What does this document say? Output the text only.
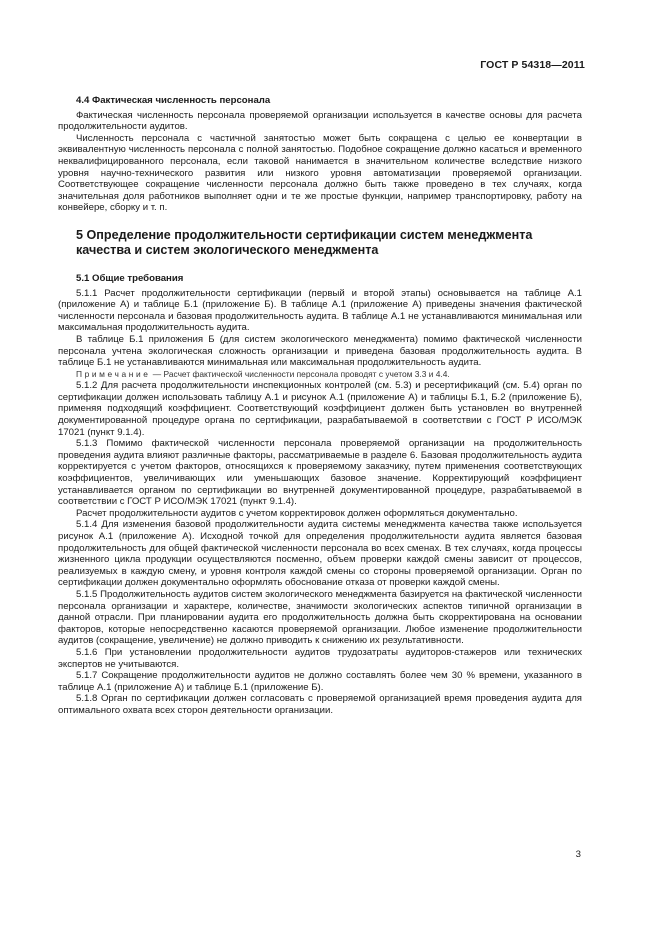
ГОСТ Р 54318—2011
4.4 Фактическая численность персонала

Фактическая численность персонала проверяемой организации используется в качестве основы для расчета продолжительности аудитов.

Численность персонала с частичной занятостью может быть сокращена с целью ее конвертации в эквивалентную численность персонала с полной занятостью. Подобное сокращение должно касаться и временного неквалифицированного персонала, если таковой нанимается в значительном количестве вследствие низкого уровня научно-технического развития или низкого уровня автоматизации проверяемой организации. Соответствующее сокращение численности персонала должно быть также проведено в тех случаях, когда значительная доля работников выполняет одни и те же простые функции, например транспортировку, работу на конвейере, сборку и т. п.

5 Определение продолжительности сертификации систем менеджмента качества и систем экологического менеджмента
5.1 Общие требования

5.1.1 Расчет продолжительности сертификации (первый и второй этапы) основывается на таблице А.1 (приложение А) и таблице Б.1 (приложение Б). В таблице А.1 (приложение А) приведены значения фактической численности персонала и базовая продолжительность аудита. В таблице А.1 не устанавливаются минимальная или максимальная продолжительность аудита.

В таблице Б.1 приложения Б (для систем экологического менеджмента) помимо фактической численности персонала учтена экологическая сложность организации и приведена базовая продолжительность аудита. В таблице Б.1 не устанавливаются минимальная или максимальная продолжительность аудита.

Примечание — Расчет фактической численности персонала проводят с учетом 3.3 и 4.4.

5.1.2 Для расчета продолжительности инспекционных контролей (см. 5.3) и ресертификаций (см. 5.4) орган по сертификации должен использовать таблицу А.1 и рисунок А.1 (приложение А) и таблицы Б.1, Б.2 (приложение Б), применяя подходящий коэффициент. Соответствующий коэффициент должен быть установлен во внутренней документированной процедуре органа по сертификации, разрабатываемой в соответствии с ГОСТ Р ИСО/МЭК 17021 (пункт 9.1.4).

5.1.3 Помимо фактической численности персонала проверяемой организации на продолжительность проведения аудита влияют различные факторы, рассматриваемые в разделе 6. Базовая продолжительность аудита корректируется с учетом факторов, относящихся к проверяемому заказчику, путем применения соответствующих коэффициентов, увеличивающих или уменьшающих базовое значение. Корректирующий коэффициент устанавливается органом по сертификации во внутренней документированной процедуре, разрабатываемой в соответствии с ГОСТ Р ИСО/МЭК 17021 (пункт 9.1.4).

Расчет продолжительности аудитов с учетом корректировок должен оформляться документально.

5.1.4 Для изменения базовой продолжительности аудита системы менеджмента качества также используется рисунок А.1 (приложение А). Исходной точкой для определения продолжительности аудита является базовая продолжительность для общей фактической численности персонала во всех сменах. В тех случаях, когда процессы жизненного цикла продукции осуществляются посменно, объем проверки каждой смены зависит от процессов, реализуемых в каждую смену, и уровня контроля каждой смены со стороны проверяемой организации. Орган по сертификации должен документально оформлять обоснование отказа от проверки каждой смены.

5.1.5 Продолжительность аудитов систем экологического менеджмента базируется на фактической численности персонала организации и характере, количестве, значимости экологических аспектов типичной организации в данной отрасли. При планировании аудита его продолжительность должна быть скорректирована на основании факторов, которые непосредственно касаются проверяемой организации. Любое изменение продолжительности аудитов (сокращение, увеличение) не должно приводить к снижению их результативности.

5.1.6 При установлении продолжительности аудитов трудозатраты аудиторов-стажеров или технических экспертов не учитываются.

5.1.7 Сокращение продолжительности аудитов не должно составлять более чем 30 % времени, указанного в таблице А.1 (приложение А) и таблице Б.1 (приложение Б).

5.1.8 Орган по сертификации должен согласовать с проверяемой организацией время проведения аудита для оптимального охвата всех сторон деятельности организации.

3
